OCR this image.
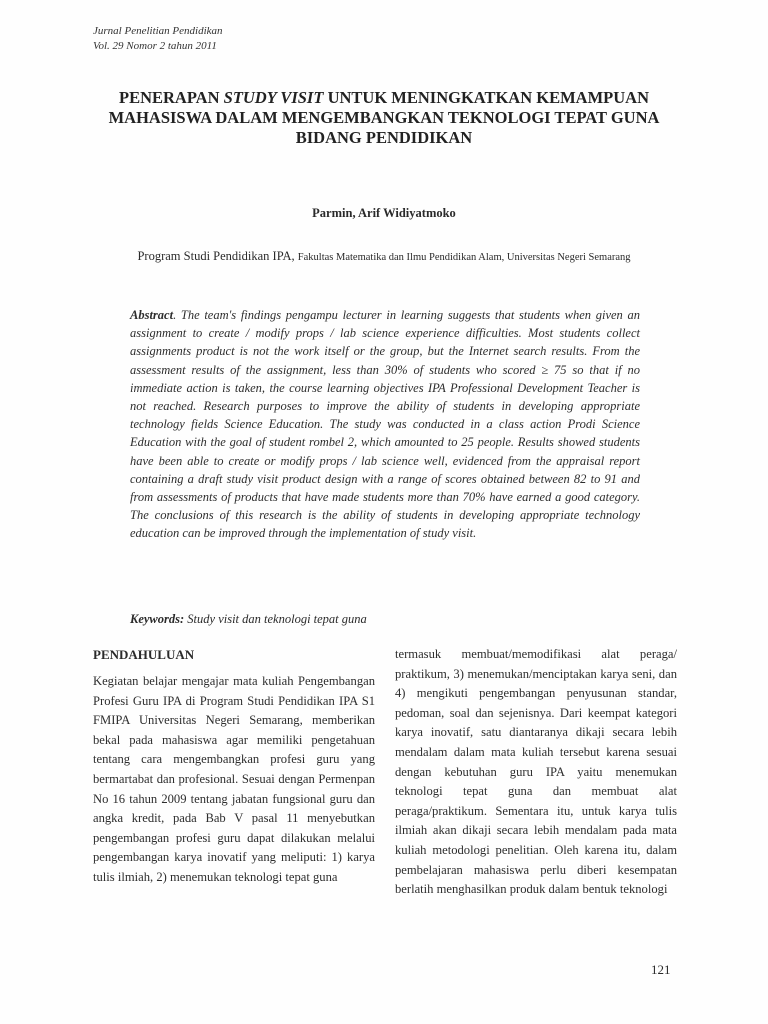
Jurnal Penelitian Pendidikan
Vol. 29 Nomor 2 tahun 2011
PENERAPAN STUDY VISIT UNTUK MENINGKATKAN KEMAMPUAN MAHASISWA DALAM MENGEMBANGKAN TEKNOLOGI TEPAT GUNA BIDANG PENDIDIKAN
Parmin, Arif Widiyatmoko
Program Studi Pendidikan IPA, Fakultas Matematika dan Ilmu Pendidikan Alam, Universitas Negeri Semarang
Abstract. The team's findings pengampu lecturer in learning suggests that students when given an assignment to create / modify props / lab science experience difficulties. Most students collect assignments product is not the work itself or the group, but the Internet search results. From the assessment results of the assignment, less than 30% of students who scored ≥ 75 so that if no immediate action is taken, the course learning objectives IPA Professional Development Teacher is not reached. Research purposes to improve the ability of students in developing appropriate technology fields Science Education. The study was conducted in a class action Prodi Science Education with the goal of student rombel 2, which amounted to 25 people. Results showed students have been able to create or modify props / lab science well, evidenced from the appraisal report containing a draft study visit product design with a range of scores obtained between 82 to 91 and from assessments of products that have made students more than 70% have earned a good category. The conclusions of this research is the ability of students in developing appropriate technology education can be improved through the implementation of study visit.
Keywords: Study visit dan teknologi tepat guna
PENDAHULUAN

Kegiatan belajar mengajar mata kuliah Pengembangan Profesi Guru IPA di Program Studi Pendidikan IPA S1 FMIPA Universitas Negeri Semarang, memberikan bekal pada mahasiswa agar memiliki pengetahuan tentang cara mengembangkan profesi guru yang bermartabat dan profesional. Sesuai dengan Permenpan No 16 tahun 2009 tentang jabatan fungsional guru dan angka kredit, pada Bab V pasal 11 menyebutkan pengembangan profesi guru dapat dilakukan melalui pengembangan karya inovatif yang meliputi: 1) karya tulis ilmiah, 2) menemukan teknologi tepat guna

termasuk membuat/memodifikasi alat peraga/ praktikum, 3) menemukan/menciptakan karya seni, dan 4) mengikuti pengembangan penyusunan standar, pedoman, soal dan sejenisnya. Dari keempat kategori karya inovatif, satu diantaranya dikaji secara lebih mendalam dalam mata kuliah tersebut karena sesuai dengan kebutuhan guru IPA yaitu menemukan teknologi tepat guna dan membuat alat peraga/praktikum. Sementara itu, untuk karya tulis ilmiah akan dikaji secara lebih mendalam pada mata kuliah metodologi penelitian. Oleh karena itu, dalam pembelajaran mahasiswa perlu diberi kesempatan berlatih menghasilkan produk dalam bentuk teknologi

121
